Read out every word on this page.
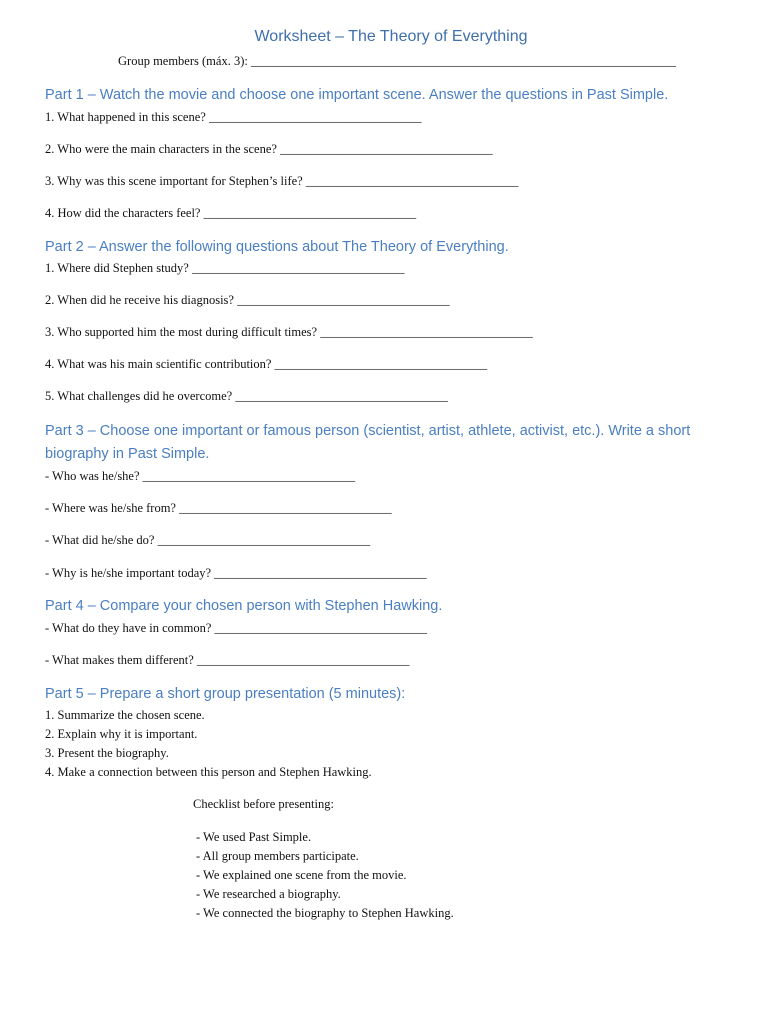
Worksheet – The Theory of Everything
Group members (máx. 3): ____________________________________________________________________
Part 1 – Watch the movie and choose one important scene. Answer the questions in Past Simple.
1. What happened in this scene? __________________________________
2. Who were the main characters in the scene? __________________________________
3. Why was this scene important for Stephen’s life? __________________________________
4. How did the characters feel? __________________________________
Part 2 – Answer the following questions about The Theory of Everything.
1. Where did Stephen study? __________________________________
2. When did he receive his diagnosis? __________________________________
3. Who supported him the most during difficult times? __________________________________
4. What was his main scientific contribution? __________________________________
5. What challenges did he overcome? __________________________________
Part 3 – Choose one important or famous person (scientist, artist, athlete, activist, etc.). Write a short biography in Past Simple.
- Who was he/she? __________________________________
- Where was he/she from? __________________________________
- What did he/she do? __________________________________
- Why is he/she important today? __________________________________
Part 4 – Compare your chosen person with Stephen Hawking.
- What do they have in common? __________________________________
- What makes them different? __________________________________
Part 5 – Prepare a short group presentation (5 minutes):
1. Summarize the chosen scene.
2. Explain why it is important.
3. Present the biography.
4. Make a connection between this person and Stephen Hawking.
Checklist before presenting:
- We used Past Simple.
- All group members participate.
- We explained one scene from the movie.
- We researched a biography.
- We connected the biography to Stephen Hawking.
